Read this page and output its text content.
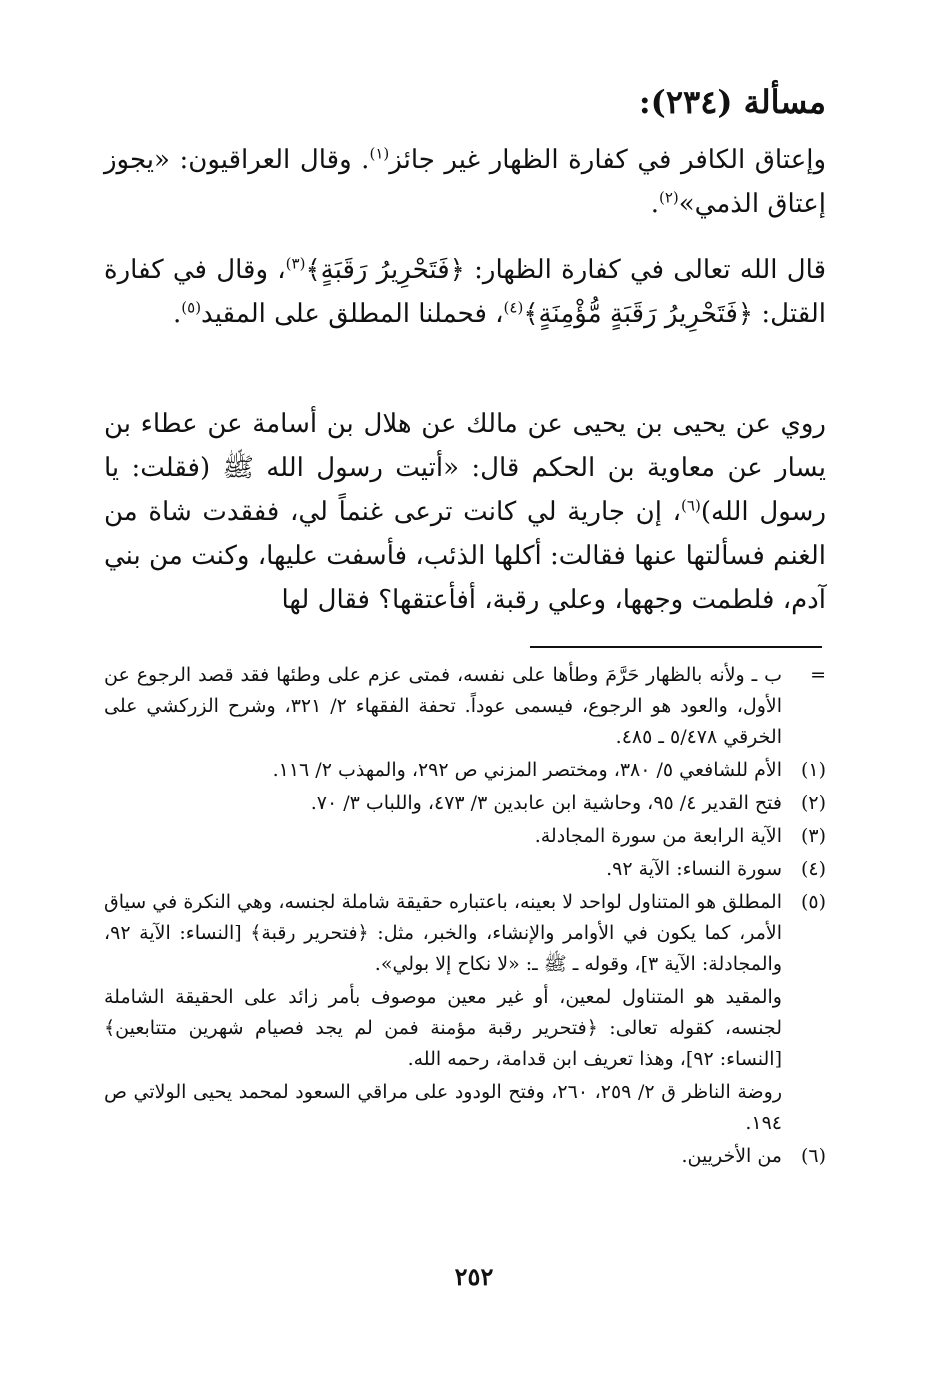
مسألة (٢٣٤):

وإعتاق الكافر في كفارة الظهار غير جائز$^{(١)}$. وقال العراقيون: «يجوز إعتاق الذمي»$^{(٢)}$.

قال الله تعالى في كفارة الظهار: ﴿فَتَحْرِيرُ رَقَبَةٍ﴾$^{(٣)}$، وقال في كفارة القتل: ﴿فَتَحْرِيرُ رَقَبَةٍ مُّؤْمِنَةٍ﴾$^{(٤)}$، فحملنا المطلق على المقيد$^{(٥)}$.

روي عن يحيى بن يحيى عن مالك عن هلال بن أسامة عن عطاء بن يسار عن معاوية بن الحكم قال: «أتيت رسول الله ﷺ (فقلت: يا رسول الله)$^{(٦)}$، إن جارية لي كانت ترعى غنماً لي، ففقدت شاة من الغنم فسألتها عنها فقالت: أكلها الذئب، فأسفت عليها، وكنت من بني آدم، فلطمت وجهها، وعلي رقبة، أفأعتقها؟ فقال لها

=
ب ـ ولأنه بالظهار حَرَّمَ وطأها على نفسه، فمتى عزم على وطئها فقد قصد الرجوع عن الأول، والعود هو الرجوع، فيسمى عوداً. تحفة الفقهاء ٢/ ٣٢١، وشرح الزركشي على الخرقي ٥/٤٧٨ ـ ٤٨٥.
(١)
الأم للشافعي ٥/ ٣٨٠، ومختصر المزني ص ٢٩٢، والمهذب ٢/ ١١٦.
(٢)
فتح القدير ٤/ ٩٥، وحاشية ابن عابدين ٣/ ٤٧٣، واللباب ٣/ ٧٠.
(٣)
الآية الرابعة من سورة المجادلة.
(٤)
سورة النساء: الآية ٩٢.
(٥)
المطلق هو المتناول لواحد لا بعينه، باعتباره حقيقة شاملة لجنسه، وهي النكرة في سياق الأمر، كما يكون في الأوامر والإنشاء، والخبر، مثل: ﴿فتحرير رقبة﴾ [النساء: الآية ٩٢، والمجادلة: الآية ٣]، وقوله ـ ﷺ ـ: «لا نكاح إلا بولي».
والمقيد هو المتناول لمعين، أو غير معين موصوف بأمر زائد على الحقيقة الشاملة لجنسه، كقوله تعالى: ﴿فتحرير رقبة مؤمنة فمن لم يجد فصيام شهرين متتابعين﴾ [النساء: ٩٢]، وهذا تعريف ابن قدامة، رحمه الله.
روضة الناظر ق ٢/ ٢٥٩، ٢٦٠، وفتح الودود على مراقي السعود لمحمد يحيى الولاتي ص ١٩٤.
(٦)
من الأخريين.
٢٥٢
